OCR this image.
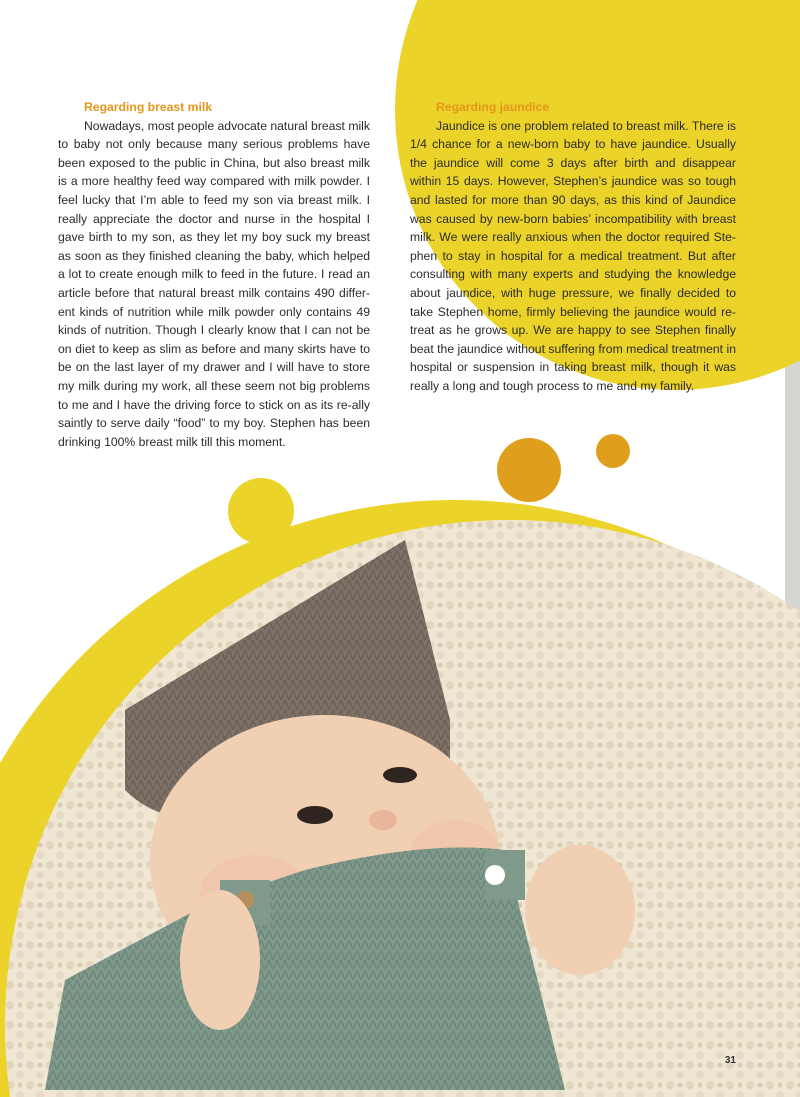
Regarding breast milk

Nowadays, most people advocate natural breast milk to baby not only because many serious problems have been exposed to the public in China, but also breast milk is a more healthy feed way compared with milk powder. I feel lucky that I’m able to feed my son via breast milk. I really appreciate the doctor and nurse in the hospital I gave birth to my son, as they let my boy suck my breast as soon as they finished cleaning the baby, which helped a lot to create enough milk to feed in the future. I read an article before that natural breast milk contains 490 differ-ent kinds of nutrition while milk powder only contains 49 kinds of nutrition. Though I clearly know that I can not be on diet to keep as slim as before and many skirts have to be on the last layer of my drawer and I will have to store my milk during my work, all these seem not big problems to me and I have the driving force to stick on as its re-ally saintly to serve daily “food” to my boy. Stephen has been drinking 100% breast milk till this moment.

Regarding jaundice

Jaundice is one problem related to breast milk. There is 1/4 chance for a new-born baby to have jaundice. Usually the jaundice will come 3 days after birth and disappear within 15 days. However, Stephen’s jaundice was so tough and lasted for more than 90 days, as this kind of Jaundice was caused by new-born babies’ incompatibility with breast milk. We were really anxious when the doctor required Ste-phen to stay in hospital for a medical treatment. But after consulting with many experts and studying the knowledge about jaundice, with huge pressure, we finally decided to take Stephen home, firmly believing the jaundice would re-treat as he grows up. We are happy to see Stephen finally beat the jaundice without suffering from medical treatment in hospital or suspension in taking breast milk, though it was really a long and tough process to me and my family.

31
